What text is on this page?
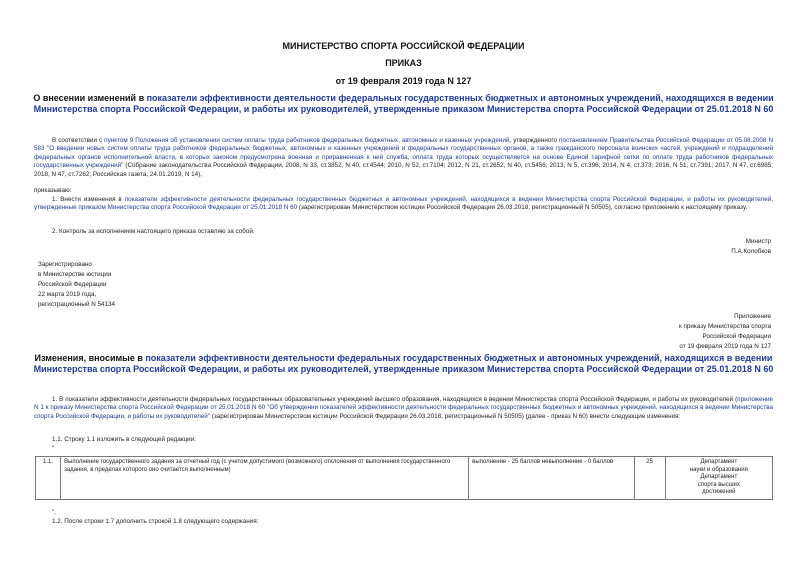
МИНИСТЕРСТВО СПОРТА РОССИЙСКОЙ ФЕДЕРАЦИИ
ПРИКАЗ
от 19 февраля 2019 года N 127
О внесении изменений в показатели эффективности деятельности федеральных государственных бюджетных и автономных учреждений, находящихся в ведении Министерства спорта Российской Федерации, и работы их руководителей, утвержденные приказом Министерства спорта Российской Федерации от 25.01.2018 N 60
В соответствии с пунктом 9 Положения об установлении систем оплаты труда работников федеральных бюджетных, автономных и казенных учреждений, утвержденного постановлением Правительства Российской Федерации от 05.08.2008 N 583 "О введении новых систем оплаты труда работников федеральных бюджетных, автономных и казенных учреждений и федеральных государственных органов, а также гражданского персонала воинских частей, учреждений и подразделений федеральных органов исполнительной власти, в которых законом предусмотрена военная и приравненная к ней служба, оплата труда которых осуществляется на основе Единой тарифной сетки по оплате труда работников федеральных государственных учреждений" (Собрание законодательства Российской Федерации, 2008, N 33, ст.3852, N 40, ст.4544; 2010, N 52, ст.7104; 2012, N 21, ст.2652, N 40, ст.5456; 2013, N 5, ст.396; 2014, N 4, ст.373; 2016, N 51, ст.7391; 2017, N 47, ст.6985; 2018, N 47, ст.7262; Российская газета, 24.01.2019, N 14),
приказываю:
1. Внести изменения в показатели эффективности деятельности федеральных государственных бюджетных и автономных учреждений, находящихся в ведении Министерства спорта Российской Федерации, и работы их руководителей, утвержденные приказом Министерства спорта Российской Федерации от 25.01.2018 N 60 (зарегистрирован Министерством юстиции Российской Федерации 26.03.2018, регистрационный N 50505), согласно приложению к настоящему приказу.
2. Контроль за исполнением настоящего приказа оставляю за собой.
Министр
П.А.Колобков
Зарегистрировано
в Министерстве юстиции
Российской Федерации
22 марта 2019 года,
регистрационный N 54134
Приложение
к приказу Министерства спорта
Российской Федерации
от 19 февраля 2019 года N 127
Изменения, вносимые в показатели эффективности деятельности федеральных государственных бюджетных и автономных учреждений, находящихся в ведении Министерства спорта Российской Федерации, и работы их руководителей, утвержденные приказом Министерства спорта Российской Федерации от 25.01.2018 N 60
1. В показатели эффективности деятельности федеральных государственных образовательных учреждений высшего образования, находящихся в ведении Министерства спорта Российской Федерации, и работы их руководителей (приложение N 1 к приказу Министерства спорта Российской Федерации от 25.01.2018 N 60 "Об утверждении показателей эффективности деятельности федеральных государственных бюджетных и автономных учреждений, находящихся в ведении Министерства спорта Российской Федерации, и работы их руководителей" (зарегистрирован Министерством юстиции Российской Федерации 26.03.2018, регистрационный N 50505) (далее - приказ N 60) внести следующие изменения:
1.1. Строку 1.1 изложить в следующей редакции:
"
1.1.	Выполнение государственного задания за отчетный год (с учетом допустимого (возможного) отклонения от выполнения государственного задания, в пределах которого оно считается выполненным)	выполнение - 25 баллов невыполнение - 0 баллов	25	Департамент
науки и образования
Департамент
спорта высших
достижений
".
1.2. После строки 1.7 дополнить строкой 1.8 следующего содержания:
